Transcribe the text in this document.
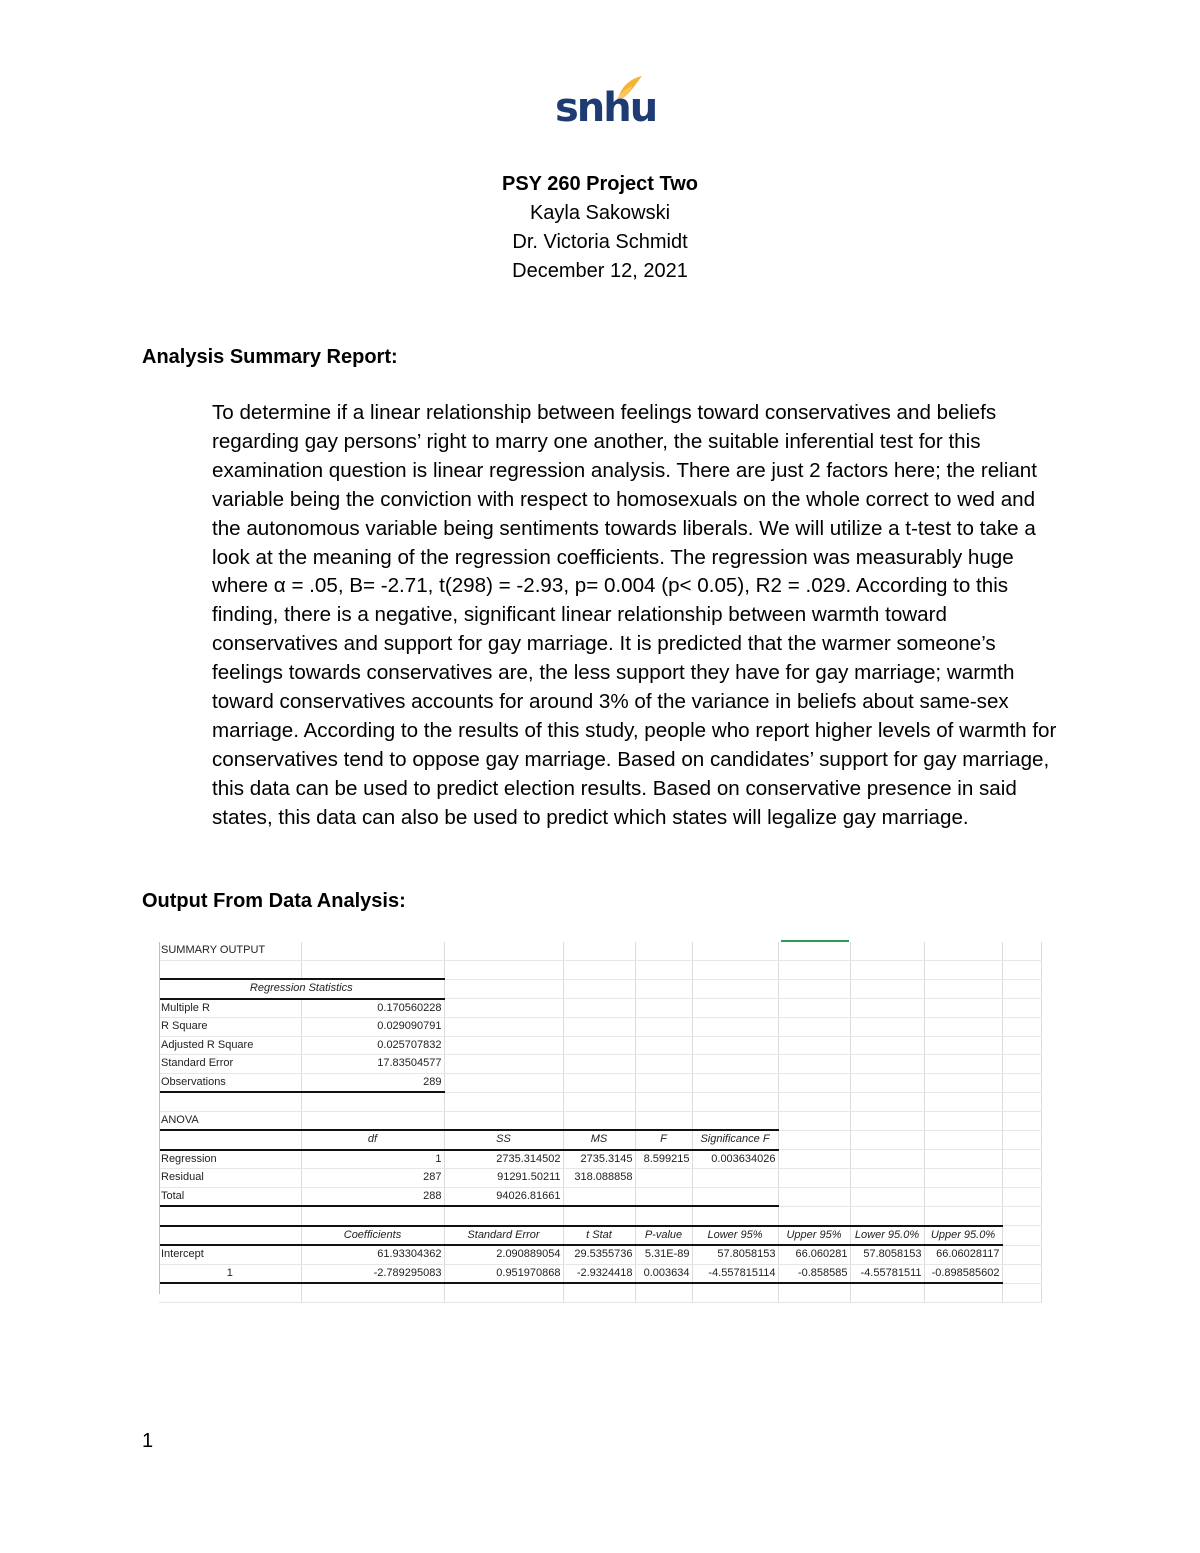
snhu
PSY 260 Project Two
Kayla Sakowski
Dr. Victoria Schmidt
December 12, 2021
Analysis Summary Report:

To determine if a linear relationship between feelings toward conservatives and beliefs regarding gay persons’ right to marry one another, the suitable inferential test for this examination question is linear regression analysis. There are just 2 factors here; the reliant variable being the conviction with respect to homosexuals on the whole correct to wed and the autonomous variable being sentiments towards liberals. We will utilize a t-test to take a look at the meaning of the regression coefficients. The regression was measurably huge where α = .05, B= -2.71, t(298) = -2.93, p= 0.004 (p< 0.05), R2 = .029. According to this finding, there is a negative, significant linear relationship between warmth toward conservatives and support for gay marriage. It is predicted that the warmer someone’s feelings towards conservatives are, the less support they have for gay marriage; warmth toward conservatives accounts for around 3% of the variance in beliefs about same-sex marriage. According to the results of this study, people who report higher levels of warmth for conservatives tend to oppose gay marriage. Based on candidates’ support for gay marriage, this data can be used to predict election results. Based on conservative presence in said states, this data can also be used to predict which states will legalize gay marriage.

Output From Data Analysis:
SUMMARY OUTPUT									

Regression Statistics									
Multiple R	0.170560228								
R Square	0.029090791								
Adjusted R Square	0.025707832								
Standard Error	17.83504577								
Observations	289								

ANOVA									
	df	SS	MS	F	Significance F				
Regression	1	2735.314502	2735.3145	8.599215	0.003634026				
Residual	287	91291.50211	318.088858						
Total	288	94026.81661							

	Coefficients	Standard Error	t Stat	P-value	Lower 95%	Upper 95%	Lower 95.0%	Upper 95.0%	
Intercept	61.93304362	2.090889054	29.5355736	5.31E-89	57.8058153	66.060281	57.8058153	66.06028117	
1	-2.789295083	0.951970868	-2.9324418	0.003634	-4.557815114	-0.858585	-4.55781511	-0.898585602	

1
